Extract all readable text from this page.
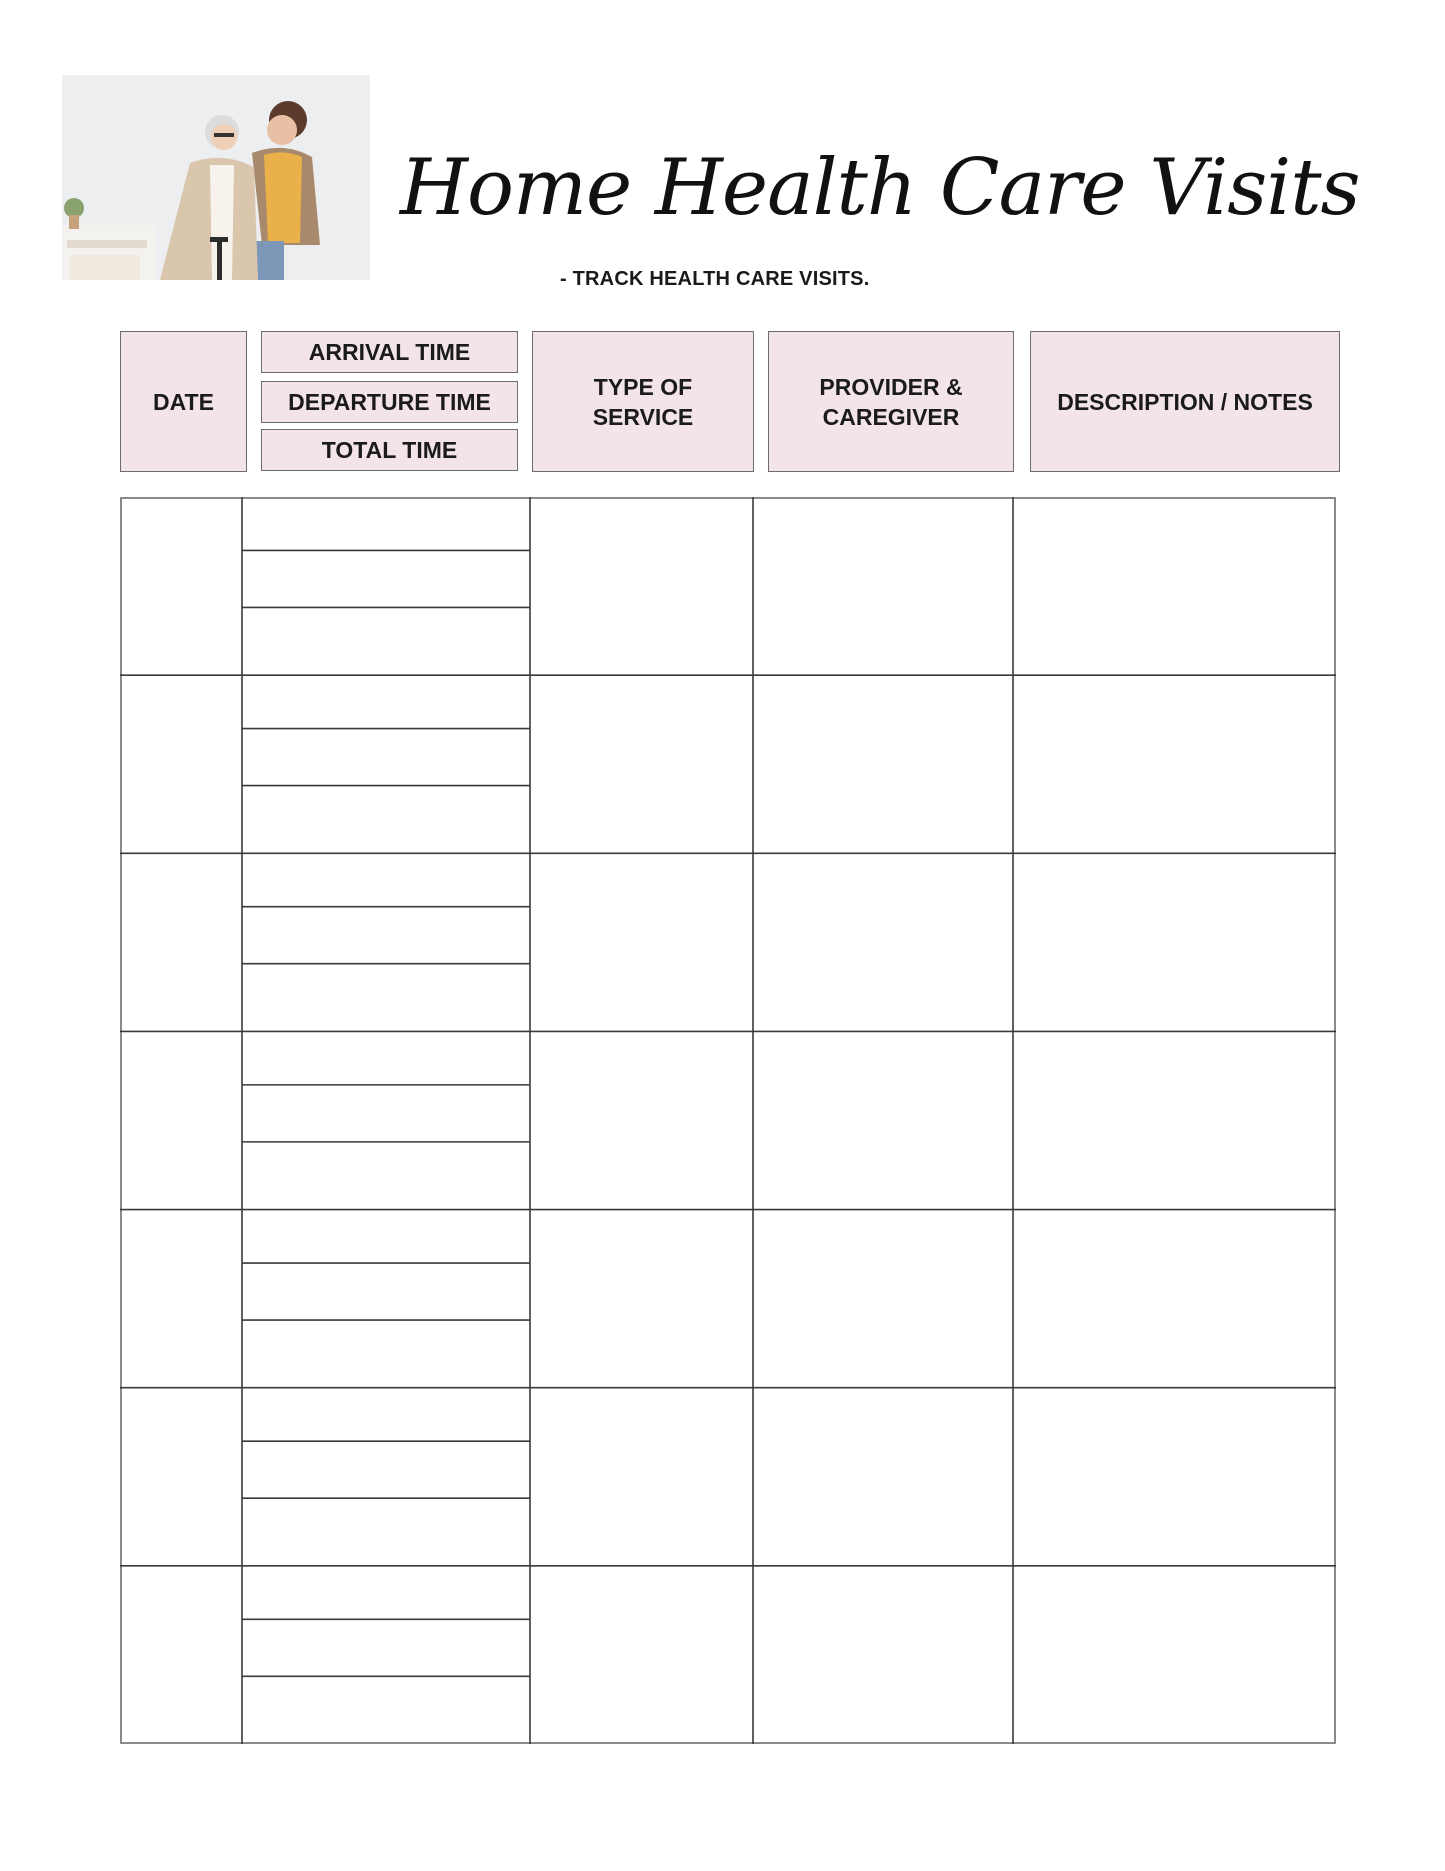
Home Health Care Visits
- TRACK HEALTH CARE VISITS.
DATE
ARRIVAL TIME
DEPARTURE TIME
TOTAL TIME
TYPE OF
SERVICE
PROVIDER &
CAREGIVER
DESCRIPTION / NOTES
